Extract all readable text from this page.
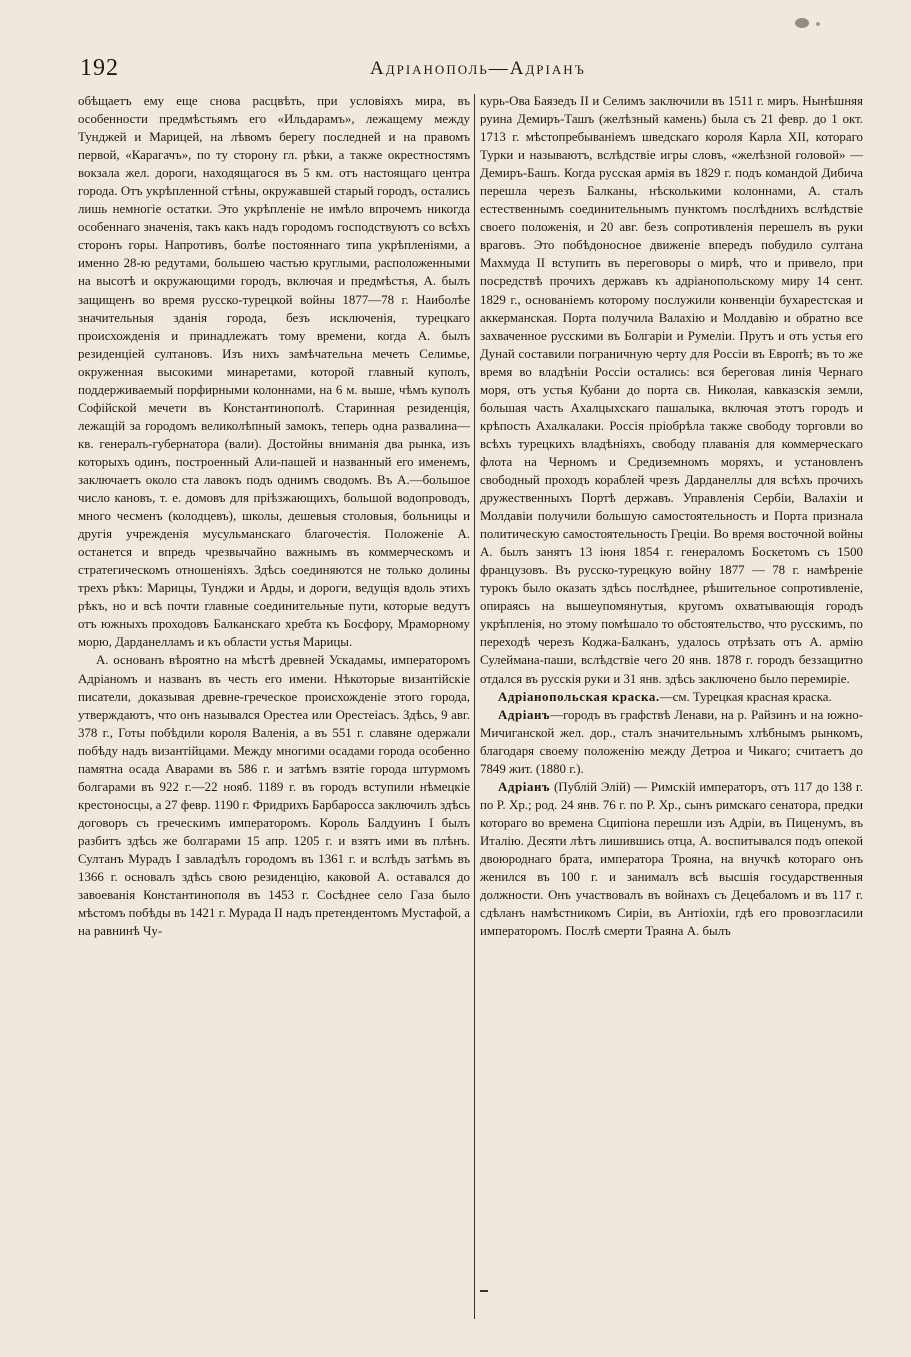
192	Адріанополь—Адріанъ

обѣщаетъ ему еще снова расцвѣть, при условіяхъ мира, въ особенности предмѣстьямъ его «Ильдарамъ», лежащему между Тунджей и Марицей, на лѣвомъ берегу последней и на правомъ первой, «Карагачъ», по ту сторону гл. рѣки, а также окрестностямъ вокзала жел. дороги, находящагося въ 5 км. отъ настоящаго центра города. Отъ укрѣпленной стѣны, окружавшей старый городъ, остались лишь немногіе остатки. Это укрѣпленіе не имѣло впрочемъ никогда особеннаго значенія, такъ какъ надъ городомъ господствуютъ со всѣхъ сторонъ горы. Напротивъ, болѣе постояннаго типа укрѣпленіями, а именно 28-ю редутами, большею частью круглыми, расположенными на высотѣ и окружающими городъ, включая и предмѣстья, А. былъ защищенъ во время русско-турецкой войны 1877—78 г. Наиболѣе значительныя зданія города, безъ исключенія, турецкаго происхожденія и принадлежатъ тому времени, когда А. былъ резиденціей султановъ. Изъ нихъ замѣчательна мечеть Селимье, окруженная высокими минаретами, которой главный куполъ, поддерживаемый порфирными колоннами, на 6 м. выше, чѣмъ куполъ Софійской мечети въ Константинополѣ. Старинная резиденція, лежащій за городомъ великолѣпный замокъ, теперь одна развалина—кв. генералъ-губернатора (вали). Достойны вниманія два рынка, изъ которыхъ одинъ, построенный Али-пашей и названный его именемъ, заключаетъ около ста лавокъ подъ однимъ сводомъ. Въ А.—большое число кановъ, т. е. домовъ для пріѣзжающихъ, большой водопроводъ, много чесменъ (колодцевъ), школы, дешевыя столовыя, больницы и другія учрежденія мусульманскаго благочестія. Положеніе А. останется и впредь чрезвычайно важнымъ въ коммерческомъ и стратегическомъ отношеніяхъ. Здѣсь соединяются не только долины трехъ рѣкъ: Марицы, Тунджи и Арды, и дороги, ведущія вдоль этихъ рѣкъ, но и всѣ почти главные соединительные пути, которые ведутъ отъ южныхъ проходовъ Балканскаго хребта къ Босфору, Мраморному морю, Дарданелламъ и къ области устья Марицы.

А. основанъ вѣроятно на мѣстѣ древней Ускадамы, императоромъ Адріаномъ и названъ въ честь его имени. Нѣкоторые византійскіе писатели, доказывая древне-греческое происхожденіе этого города, утверждаютъ, что онъ назывался Орестеа или Орестеіасъ. Здѣсь, 9 авг. 378 г., Готы побѣдили короля Валенія, а въ 551 г. славяне одержали побѣду надъ византійцами. Между многими осадами города особенно памятна осада Аварами въ 586 г. и затѣмъ взятіе города штурмомъ болгарами въ 922 г.—22 нояб. 1189 г. въ городъ вступили нѣмецкіе крестоносцы, а 27 февр. 1190 г. Фридрихъ Барбаросса заключилъ здѣсь договоръ съ греческимъ императоромъ. Король Балдуинъ I былъ разбитъ здѣсь же болгарами 15 апр. 1205 г. и взятъ ими въ плѣнъ. Султанъ Мурадъ I завладѣлъ городомъ въ 1361 г. и вслѣдъ затѣмъ въ 1366 г. основалъ здѣсь свою резиденцію, каковой А. оставался до завоеванія Константинополя въ 1453 г. Сосѣднее село Газа было мѣстомъ побѣды въ 1421 г. Мурада II надъ претендентомъ Мустафой, а на равнинѣ Чу-

курь-Ова Баязедъ II и Селимъ заключили въ 1511 г. миръ. Нынѣшняя руина Демиръ-Ташъ (желѣзный камень) была съ 21 февр. до 1 окт. 1713 г. мѣстопребываніемъ шведскаго короля Карла XII, котораго Турки и называютъ, вслѣдствіе игры словъ, «желѣзной головой» — Демиръ-Башъ. Когда русская армія въ 1829 г. подъ командой Дибича перешла черезъ Балканы, нѣсколькими колоннами, А. сталъ естественнымъ соединительнымъ пунктомъ послѣднихъ вслѣдствіе своего положенія, и 20 авг. безъ сопротивленія перешелъ въ руки враговъ. Это побѣдоносное движеніе впередъ побудило султана Махмуда II вступить въ переговоры о мирѣ, что и привело, при посредствѣ прочихъ державъ къ адріанопольскому миру 14 сент. 1829 г., основаніемъ которому послужили конвенціи бухарестская и аккерманская. Порта получила Валахію и Молдавію и обратно все захваченное русскими въ Болгаріи и Румеліи. Прутъ и отъ устья его Дунай составили пограничную черту для Россіи въ Европѣ; въ то же время во владѣніи Россіи остались: вся береговая линія Чернаго моря, отъ устья Кубани до порта св. Николая, кавказскія земли, большая часть Ахалцыхскаго пашалыка, включая этотъ городъ и крѣпость Ахалкалаки. Россія пріобрѣла также свободу торговли во всѣхъ турецкихъ владѣніяхъ, свободу плаванія для коммерческаго флота на Черномъ и Средиземномъ моряхъ, и установленъ свободный проходъ кораблей чрезъ Дарданеллы для всѣхъ прочихъ дружественныхъ Портѣ державъ. Управленія Сербіи, Валахіи и Молдавіи получили большую самостоятельность и Порта признала политическую самостоятельность Греціи. Во время восточной войны А. былъ занятъ 13 іюня 1854 г. генераломъ Боскетомъ съ 1500 французовъ. Въ русско-турецкую войну 1877 — 78 г. намѣреніе турокъ было оказать здѣсь послѣднее, рѣшительное сопротивленіе, опираясь на вышеупомянутыя, кругомъ охватывающія городъ укрѣпленія, но этому помѣшало то обстоятельство, что русскимъ, по переходѣ черезъ Коджа-Балканъ, удалось отрѣзать отъ А. армію Сулеймана-паши, вслѣдствіе чего 20 янв. 1878 г. городъ беззащитно отдался въ русскія руки и 31 янв. здѣсь заключено было перемиріе.

Адріанопольская краска.—см. Турецкая красная краска.

Адріанъ—городъ въ графствѣ Ленави, на р. Райзинъ и на южно-Мичиганской жел. дор., сталъ значительнымъ хлѣбнымъ рынкомъ, благодаря своему положенію между Детроа и Чикаго; считаетъ до 7849 жит. (1880 г.).

Адріанъ (Публій Элій) — Римскій императоръ, отъ 117 до 138 г. по Р. Хр.; род. 24 янв. 76 г. по Р. Хр., сынъ римскаго сенатора, предки котораго во времена Сципіона перешли изъ Адріи, въ Пиценумъ, въ Италію. Десяти лѣтъ лишившись отца, А. воспитывался подъ опекой двоюроднаго брата, императора Трояна, на внучкѣ котораго онъ женился въ 100 г. и занималъ всѣ высшія государственныя должности. Онъ участвовалъ въ войнахъ съ Децебаломъ и въ 117 г. сдѣланъ намѣстникомъ Сиріи, въ Антіохіи, гдѣ его провозгласили императоромъ. Послѣ смерти Траяна А. былъ
